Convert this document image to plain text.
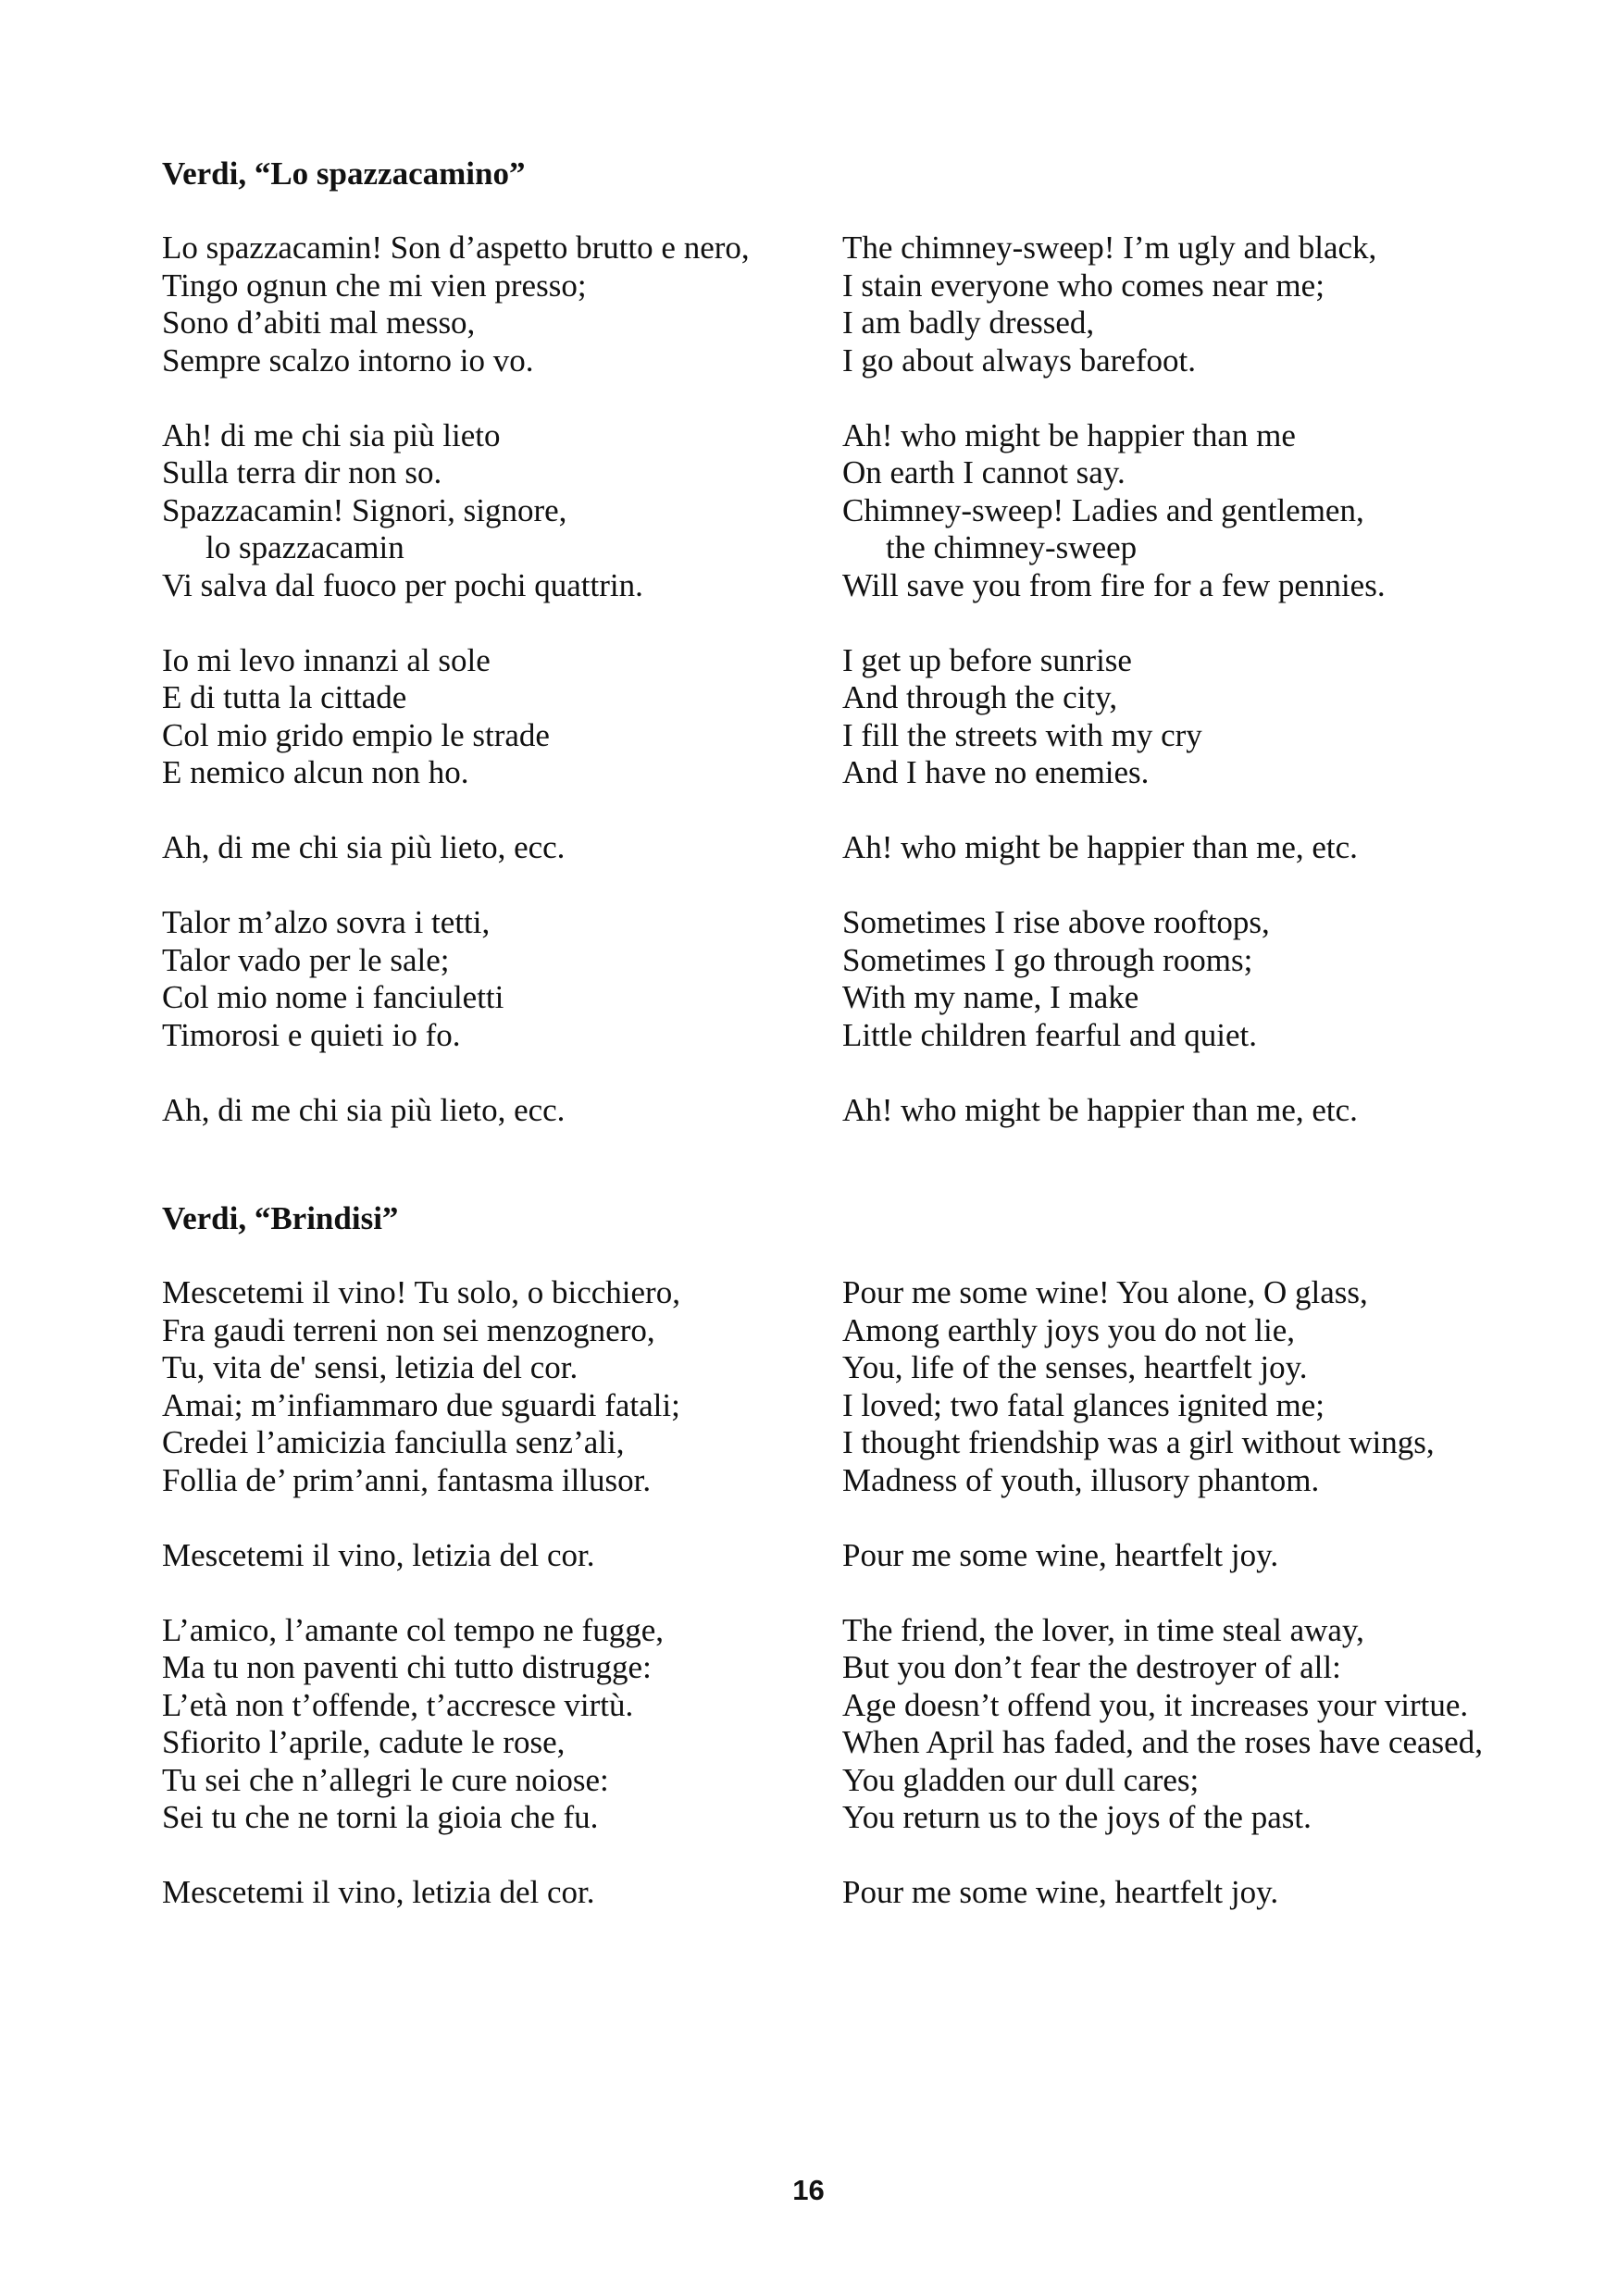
Verdi, “Lo spazzacamino”
Lo spazzacamin! Son d’aspetto brutto e nero,
Tingo ognun che mi vien presso;
Sono d’abiti mal messo,
Sempre scalzo intorno io vo.
Ah! di me chi sia più lieto
Sulla terra dir non so.
Spazzacamin! Signori, signore,
lo spazzacamin
Vi salva dal fuoco per pochi quattrin.
Io mi levo innanzi al sole
E di tutta la cittade
Col mio grido empio le strade
E nemico alcun non ho.
Ah, di me chi sia più lieto, ecc.
Talor m’alzo sovra i tetti,
Talor vado per le sale;
Col mio nome i fanciuletti
Timorosi e quieti io fo.
Ah, di me chi sia più lieto, ecc.
The chimney-sweep! I’m ugly and black,
I stain everyone who comes near me;
I am badly dressed,
I go about always barefoot.
Ah! who might be happier than me
On earth I cannot say.
Chimney-sweep! Ladies and gentlemen,
the chimney-sweep
Will save you from fire for a few pennies.
I get up before sunrise
And through the city,
I fill the streets with my cry
And I have no enemies.
Ah! who might be happier than me, etc.
Sometimes I rise above rooftops,
Sometimes I go through rooms;
With my name, I make
Little children fearful and quiet.
Ah! who might be happier than me, etc.
Verdi, “Brindisi”
Mescetemi il vino! Tu solo, o bicchiero,
Fra gaudi terreni non sei menzognero,
Tu, vita de' sensi, letizia del cor.
Amai; m’infiammaro due sguardi fatali;
Credei l’amicizia fanciulla senz’ali,
Follia de’ prim’anni, fantasma illusor.
Mescetemi il vino, letizia del cor.
L’amico, l’amante col tempo ne fugge,
Ma tu non paventi chi tutto distrugge:
L’età non t’offende, t’accresce virtù.
Sfiorito l’aprile, cadute le rose,
Tu sei che n’allegri le cure noiose:
Sei tu che ne torni la gioia che fu.
Mescetemi il vino, letizia del cor.
Pour me some wine! You alone, O glass,
Among earthly joys you do not lie,
You, life of the senses, heartfelt joy.
I loved; two fatal glances ignited me;
I thought friendship was a girl without wings,
Madness of youth, illusory phantom.
Pour me some wine, heartfelt joy.
The friend, the lover, in time steal away,
But you don’t fear the destroyer of all:
Age doesn’t offend you, it increases your virtue.
When April has faded, and the roses have ceased,
You gladden our dull cares;
You return us to the joys of the past.
Pour me some wine, heartfelt joy.
16
